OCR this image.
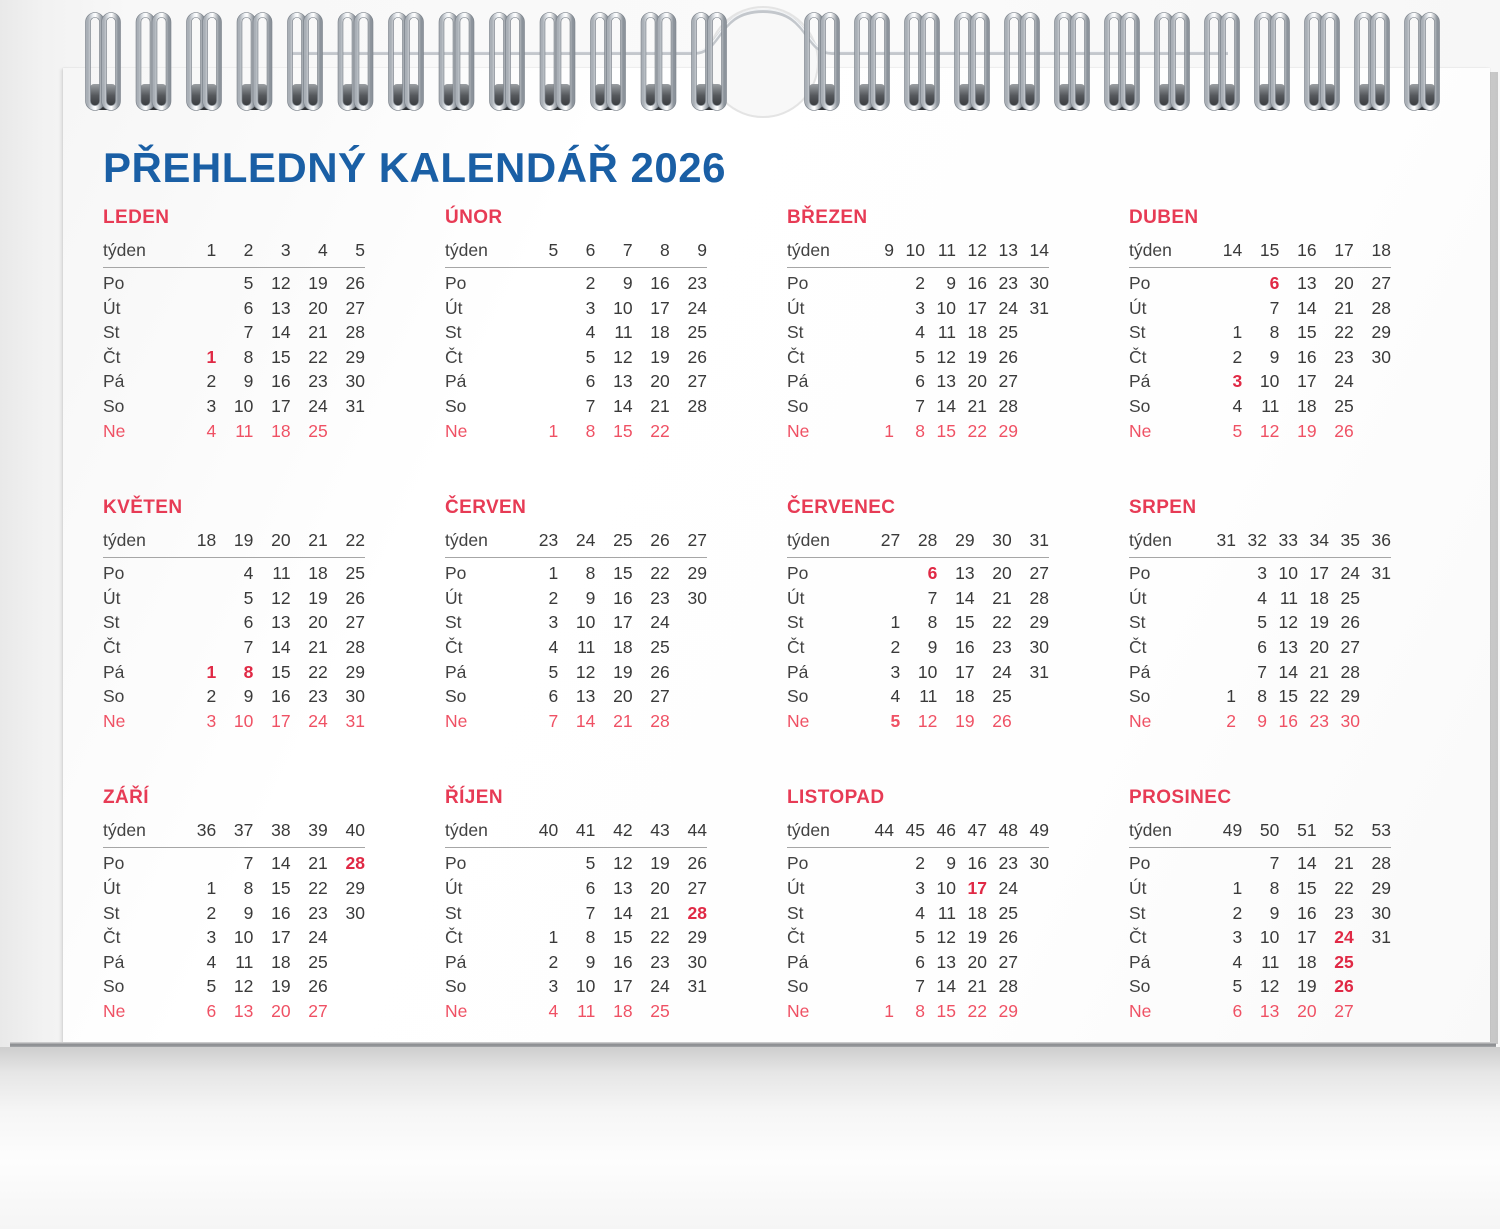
PŘEHLEDNÝ KALENDÁŘ 2026
LEDEN
týden	1	2	3	4	5
Po		5	12	19	26
Út		6	13	20	27
St		7	14	21	28
Čt	1	8	15	22	29
Pá	2	9	16	23	30
So	3	10	17	24	31
Ne	4	11	18	25	
ÚNOR
týden	5	6	7	8	9
Po		2	9	16	23
Út		3	10	17	24
St		4	11	18	25
Čt		5	12	19	26
Pá		6	13	20	27
So		7	14	21	28
Ne	1	8	15	22	
BŘEZEN
týden	9	10	11	12	13	14
Po		2	9	16	23	30
Út		3	10	17	24	31
St		4	11	18	25	
Čt		5	12	19	26	
Pá		6	13	20	27	
So		7	14	21	28	
Ne	1	8	15	22	29	
DUBEN
týden	14	15	16	17	18
Po		6	13	20	27
Út		7	14	21	28
St	1	8	15	22	29
Čt	2	9	16	23	30
Pá	3	10	17	24	
So	4	11	18	25	
Ne	5	12	19	26	
KVĚTEN
týden	18	19	20	21	22
Po		4	11	18	25
Út		5	12	19	26
St		6	13	20	27
Čt		7	14	21	28
Pá	1	8	15	22	29
So	2	9	16	23	30
Ne	3	10	17	24	31
ČERVEN
týden	23	24	25	26	27
Po	1	8	15	22	29
Út	2	9	16	23	30
St	3	10	17	24	
Čt	4	11	18	25	
Pá	5	12	19	26	
So	6	13	20	27	
Ne	7	14	21	28	
ČERVENEC
týden	27	28	29	30	31
Po		6	13	20	27
Út		7	14	21	28
St	1	8	15	22	29
Čt	2	9	16	23	30
Pá	3	10	17	24	31
So	4	11	18	25	
Ne	5	12	19	26	
SRPEN
týden	31	32	33	34	35	36
Po		3	10	17	24	31
Út		4	11	18	25	
St		5	12	19	26	
Čt		6	13	20	27	
Pá		7	14	21	28	
So	1	8	15	22	29	
Ne	2	9	16	23	30	
ZÁŘÍ
týden	36	37	38	39	40
Po		7	14	21	28
Út	1	8	15	22	29
St	2	9	16	23	30
Čt	3	10	17	24	
Pá	4	11	18	25	
So	5	12	19	26	
Ne	6	13	20	27	
ŘÍJEN
týden	40	41	42	43	44
Po		5	12	19	26
Út		6	13	20	27
St		7	14	21	28
Čt	1	8	15	22	29
Pá	2	9	16	23	30
So	3	10	17	24	31
Ne	4	11	18	25	
LISTOPAD
týden	44	45	46	47	48	49
Po		2	9	16	23	30
Út		3	10	17	24	
St		4	11	18	25	
Čt		5	12	19	26	
Pá		6	13	20	27	
So		7	14	21	28	
Ne	1	8	15	22	29	
PROSINEC
týden	49	50	51	52	53
Po		7	14	21	28
Út	1	8	15	22	29
St	2	9	16	23	30
Čt	3	10	17	24	31
Pá	4	11	18	25	
So	5	12	19	26	
Ne	6	13	20	27	
